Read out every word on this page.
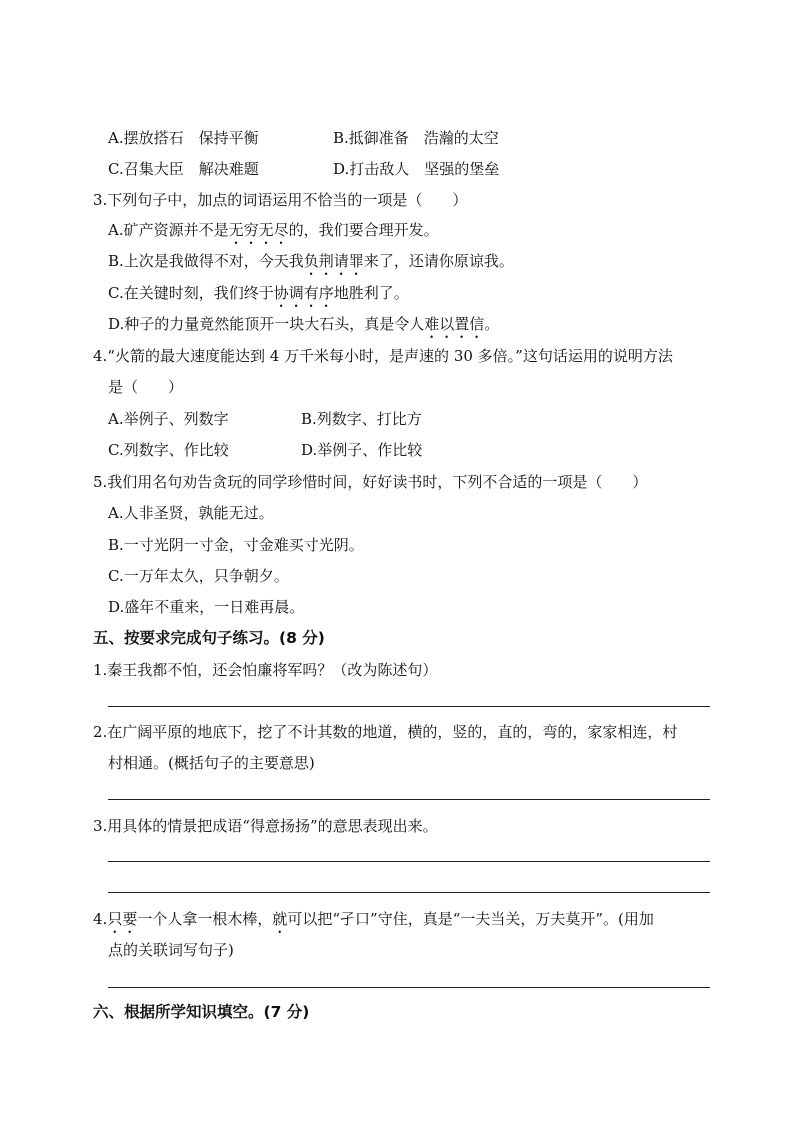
A.摆放搭石　保持平衡	B.抵御准备　浩瀚的太空
C.召集大臣　解决难题	D.打击敌人　坚强的堡垒
3.下列句子中，加点的词语运用不恰当的一项是（　　）
A.矿产资源并不是无穷无尽的，我们要合理开发。
B.上次是我做得不对，今天我负荆请罪来了，还请你原谅我。
C.在关键时刻，我们终于协调有序地胜利了。
D.种子的力量竟然能顶开一块大石头，真是令人难以置信。
4.“火箭的最大速度能达到 4 万千米每小时，是声速的 30 多倍。”这句话运用的说明方法
是（　　）
A.举例子、列数字	B.列数字、打比方
C.列数字、作比较	D.举例子、作比较
5.我们用名句劝告贪玩的同学珍惜时间，好好读书时，下列不合适的一项是（　　）
A.人非圣贤，孰能无过。
B.一寸光阴一寸金，寸金难买寸光阴。
C.一万年太久，只争朝夕。
D.盛年不重来，一日难再晨。
五、按要求完成句子练习。(8 分)
1.秦王我都不怕，还会怕廉将军吗？（改为陈述句）
2.在广阔平原的地底下，挖了不计其数的地道，横的，竖的，直的，弯的，家家相连，村
村相通。(概括句子的主要意思)
3.用具体的情景把成语“得意扬扬”的意思表现出来。
4.只要一个人拿一根木棒，就可以把“孑口”守住，真是“一夫当关，万夫莫开”。(用加
点的关联词写句子)
六、根据所学知识填空。(7 分)
